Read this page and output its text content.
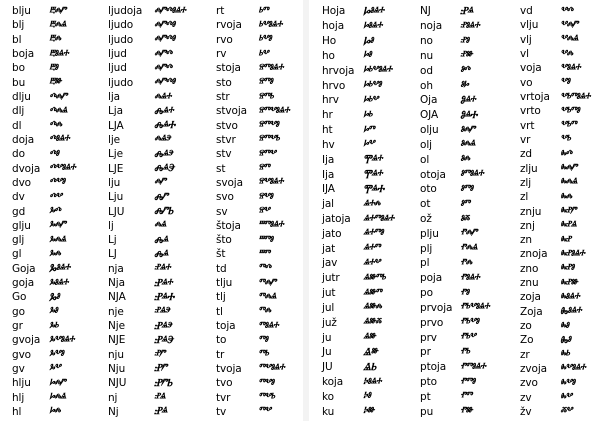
blju	ⰱⰾⱓ
blj	ⰱⰾⱑ
bl	ⰱⰾ
boja	ⰱⱁⱑⰰ
bo	ⰱⱁ
bu	ⰱⱆ
dlju	ⰴⰾⱓ
dlj	ⰴⰾⱑ
dl	ⰴⰾ
doja	ⰴⱁⱑⰰ
do	ⰴⱁ
dvoja ⰴⰲⱁⱑⰰ
dvo	ⰴⰲⱁ
dv	ⰴⰲ
gd	ⰳⰴ
glju	ⰳⰾⱓ
glj	ⰳⰾⱑ
gl	ⰳⰾ
Goja	Ⰳⱁⱑⰰ
goja	ⰳⱁⱑⰰ
Go	Ⰳⱁ
go	ⰳⱁ
gr	ⰳⱃ
gvoja ⰳⰲⱁⱑⰰ
gvo	ⰳⰲⱁ
gv	ⰳⰲ
hlju	ⱈⰾⱓ
hlj	ⱈⰾⱑ
hl	ⱈⰾ
ljudoja	ⰾⱓⰴⱁⱑⰰ
ljudo	ⰾⱓⰴⱁ
ljudo	ⰾⱓⰴⱁ
ljud	ⰾⱓⰴ
ljud	ⰾⱓⰴ
ljudo	ⰾⱓⰴⱁ
lja	ⰾⱑⰰ
Lja	Ⰾⱑⰰ
LJA	ⰎⱑⰀ
lje	ⰾⱑⰵ
Lje	Ⰾⱑⰵ
LJE	ⰎⱑⰅ
lju	ⰾⱓ
Lju	Ⰾⱓ
LJU	ⰎⱓⰓ
lj	ⰾⱑ
Lj	Ⰾⱑ
LJ	Ⰾⱑ
nja	ⱀⱑⰰ
Nja	Ⱀⱑⰰ
NJA	ⰐⱑⰀ
nje	ⱀⱑⰵ
Nje	Ⱀⱑⰵ
NJE	ⰐⱑⰅ
nju	ⱀⱓ
Nju	Ⱀⱓ
NJU	ⰐⱓⰓ
nj	ⱀⱑ
Nj	Ⱀⱑ
rt	ⱃⱅ
rvoja	ⱃⰲⱁⱑⰰ
rvo	ⱃⰲⱁ
rv	ⱃⰲ
stoja	ⱄⱅⱁⱑⰰ
sto	ⱄⱅⱁ
str	ⱄⱅⱃ
stvoja	ⱄⱅⰲⱁⱑⰰ
stvo	ⱄⱅⰲⱁ
stvr	ⱄⱅⰲⱃ
stv	ⱄⱅⰲ
st	ⱄⱅ
svoja	ⱄⰲⱁⱑⰰ
svo	ⱄⰲⱁ
sv	ⱄⰲ
štoja	ⱎⱅⱁⱑⰰ
što	ⱎⱅⱁ
št	ⱎⱅ
td	ⱅⰴ
tlju	ⱅⰾⱓ
tlj	ⱅⰾⱑ
tl	ⱅⰾ
toja	ⱅⱁⱑⰰ
to	ⱅⱁ
tr	ⱅⱃ
tvoja	ⱅⰲⱁⱑⰰ
tvo	ⱅⰲⱁ
tvr	ⱅⰲⱃ
tv	ⱅⰲ
Hoja	Ⱈⱁⱑⰰ
hoja	ⱈⱁⱑⰰ
Ho	Ⱈⱁ
ho	ⱈⱁ
hrvoja ⱈⱃⰲⱁⱑⰰ
hrvo	ⱈⱃⰲⱁ
hrv	ⱈⱃⰲ
hr	ⱈⱃ
ht	ⱈⱅ
hv	ⱈⰲ
Ija	Ⰹⱑⰰ
Ija	Ⰹⱑⰰ
IJA	ⰉⱑⰀ
jal	ⱑⰰⰾ
jatoja	ⱑⰰⱅⱁⱑⰰ
jato	ⱑⰰⱅⱁ
jat	ⱑⰰⱅ
jav	ⱑⰰⰲ
jutr	ⱑⱆⱅⱃ
jut	ⱑⱆⱅ
jul	ⱑⱆⰾ
juž	ⱑⱆⰶ
ju	ⱑⱆ
Ju	Ⱑⱆ
JU	ⰡⰓ
koja	ⰽⱁⱑⰰ
ko	ⰽⱁ
ku	ⰽⱆ
NJ	Ⱀⱑ
noja	ⱀⱁⱑⰰ
no	ⱀⱁ
nu	ⱀⱆ
od	ⱁⰴ
oh	ⱁⱈ
Oja	Ⱁⱑⰰ
OJA	ⰑⱑⰀ
olju	ⱁⰾⱓ
olj	ⱁⰾⱑ
ol	ⱁⰾ
otoja	ⱁⱅⱁⱑⰰ
oto	ⱁⱅⱁ
ot	ⱁⱅ
ož	ⱁⰶ
plju	ⱂⰾⱓ
plj	ⱂⰾⱑ
pl	ⱂⰾ
poja	ⱂⱁⱑⰰ
po	ⱂⱁ
prvoja ⱂⱃⰲⱁⱑⰰ
prvo	ⱂⱃⰲⱁ
prv	ⱂⱃⰲ
pr	ⱂⱃ
ptoja	ⱂⱅⱁⱑⰰ
pto	ⱂⱅⱁ
pt	ⱂⱅ
pu	ⱂⱆ
vd	ⰲⰴ
vlju	ⰲⰾⱓ
vlj	ⰲⰾⱑ
vl	ⰲⰾ
voja	ⰲⱁⱑⰰ
vo	ⰲⱁ
vrtoja ⰲⱃⱅⱁⱑⰰ
vrto	ⰲⱃⱅⱁ
vrt	ⰲⱃⱅ
vr	ⰲⱃ
zd	ⰸⰴ
zlju	ⰸⰾⱓ
zlj	ⰸⰾⱑ
zl	ⰸⰾ
znju	ⰸⱀⱓ
znj	ⰸⱀⱑ
zn	ⰸⱀ
znoja	ⰸⱀⱁⱑⰰ
zno	ⰸⱀⱁ
znu	ⰸⱀⱆ
zoja	ⰸⱁⱑⰰ
Zoja	Ⰸⱁⱑⰰ
zo	ⰸⱁ
Zo	Ⰸⱁ
zr	ⰸⱃ
zvoja	ⰸⰲⱁⱑⰰ
zvo	ⰸⰲⱁ
zv	ⰸⰲ
žv	ⰶⰲ
